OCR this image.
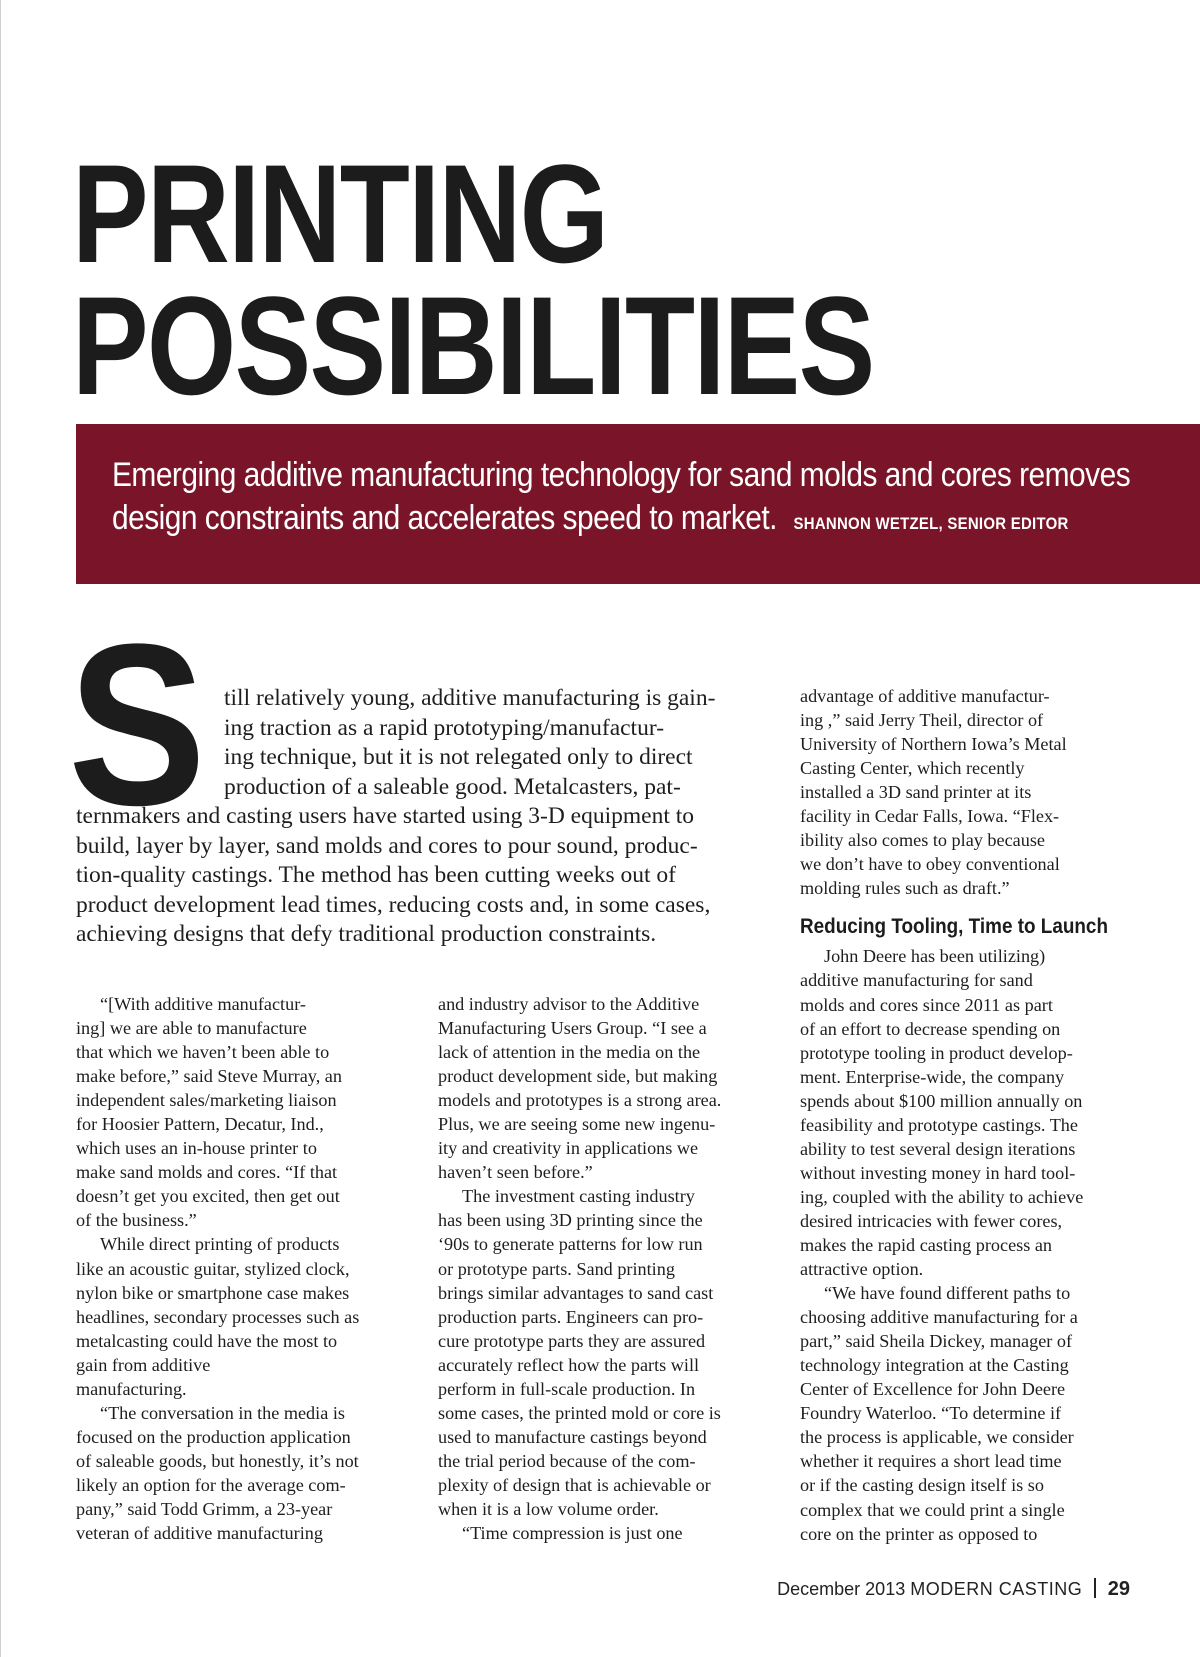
PRINTING
POSSIBILITIES
Emerging additive manufacturing technology for sand molds and cores removes design constraints and accelerates speed to market. SHANNON WETZEL, SENIOR EDITOR
S till relatively young, additive manufacturing is gain-
ing traction as a rapid prototyping/manufactur-
ing technique, but it is not relegated only to direct
production of a saleable good. Metalcasters, pat-
ternmakers and casting users have started using 3-D equipment to
build, layer by layer, sand molds and cores to pour sound, produc-
tion-quality castings. The method has been cutting weeks out of
product development lead times, reducing costs and, in some cases,
achieving designs that defy traditional production constraints.
“[With additive manufactur-
ing] we are able to manufacture
that which we haven’t been able to
make before,” said Steve Murray, an
independent sales/marketing liaison
for Hoosier Pattern, Decatur, Ind.,
which uses an in-house printer to
make sand molds and cores. “If that
doesn’t get you excited, then get out
of the business.”
While direct printing of products
like an acoustic guitar, stylized clock,
nylon bike or smartphone case makes
headlines, secondary processes such as
metalcasting could have the most to
gain from additive
manufacturing.
“The conversation in the media is
focused on the production application
of saleable goods, but honestly, it’s not
likely an option for the average com-
pany,” said Todd Grimm, a 23-year
veteran of additive manufacturing
and industry advisor to the Additive
Manufacturing Users Group. “I see a
lack of attention in the media on the
product development side, but making
models and prototypes is a strong area.
Plus, we are seeing some new ingenu-
ity and creativity in applications we
haven’t seen before.”
The investment casting industry
has been using 3D printing since the
‘90s to generate patterns for low run
or prototype parts. Sand printing
brings similar advantages to sand cast
production parts. Engineers can pro-
cure prototype parts they are assured
accurately reflect how the parts will
perform in full-scale production. In
some cases, the printed mold or core is
used to manufacture castings beyond
the trial period because of the com-
plexity of design that is achievable or
when it is a low volume order.
“Time compression is just one
advantage of additive manufactur-
ing ,” said Jerry Theil, director of
University of Northern Iowa’s Metal
Casting Center, which recently
installed a 3D sand printer at its
facility in Cedar Falls, Iowa. “Flex-
ibility also comes to play because
we don’t have to obey conventional
molding rules such as draft.”
Reducing Tooling, Time to Launch
John Deere has been utilizing)
additive manufacturing for sand
molds and cores since 2011 as part
of an effort to decrease spending on
prototype tooling in product develop-
ment. Enterprise-wide, the company
spends about $100 million annually on
feasibility and prototype castings. The
ability to test several design iterations
without investing money in hard tool-
ing, coupled with the ability to achieve
desired intricacies with fewer cores,
makes the rapid casting process an
attractive option.
“We have found different paths to
choosing additive manufacturing for a
part,” said Sheila Dickey, manager of
technology integration at the Casting
Center of Excellence for John Deere
Foundry Waterloo. “To determine if
the process is applicable, we consider
whether it requires a short lead time
or if the casting design itself is so
complex that we could print a single
core on the printer as opposed to
December 2013 MODERN CASTING 29
